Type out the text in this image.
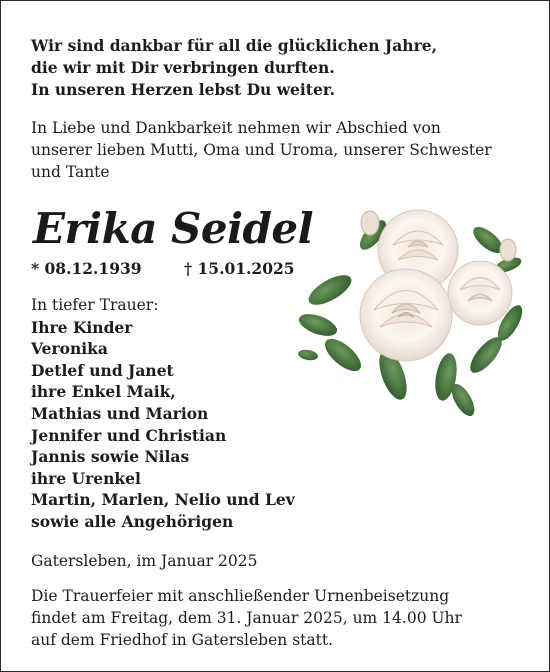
Wir sind dankbar für all die glücklichen Jahre,
die wir mit Dir verbringen durften.
In unseren Herzen lebst Du weiter.
In Liebe und Dankbarkeit nehmen wir Abschied von
unserer lieben Mutti, Oma und Uroma, unserer Schwester
und Tante
Erika Seidel
* 08.12.1939	† 15.01.2025
In tiefer Trauer:
Ihre Kinder
Veronika
Detlef und Janet
ihre Enkel Maik,
Mathias und Marion
Jennifer und Christian
Jannis sowie Nilas
ihre Urenkel
Martin, Marlen, Nelio und Lev
sowie alle Angehörigen
Gatersleben, im Januar 2025
Die Trauerfeier mit anschließender Urnenbeisetzung
findet am Freitag, dem 31. Januar 2025, um 14.00 Uhr
auf dem Friedhof in Gatersleben statt.
